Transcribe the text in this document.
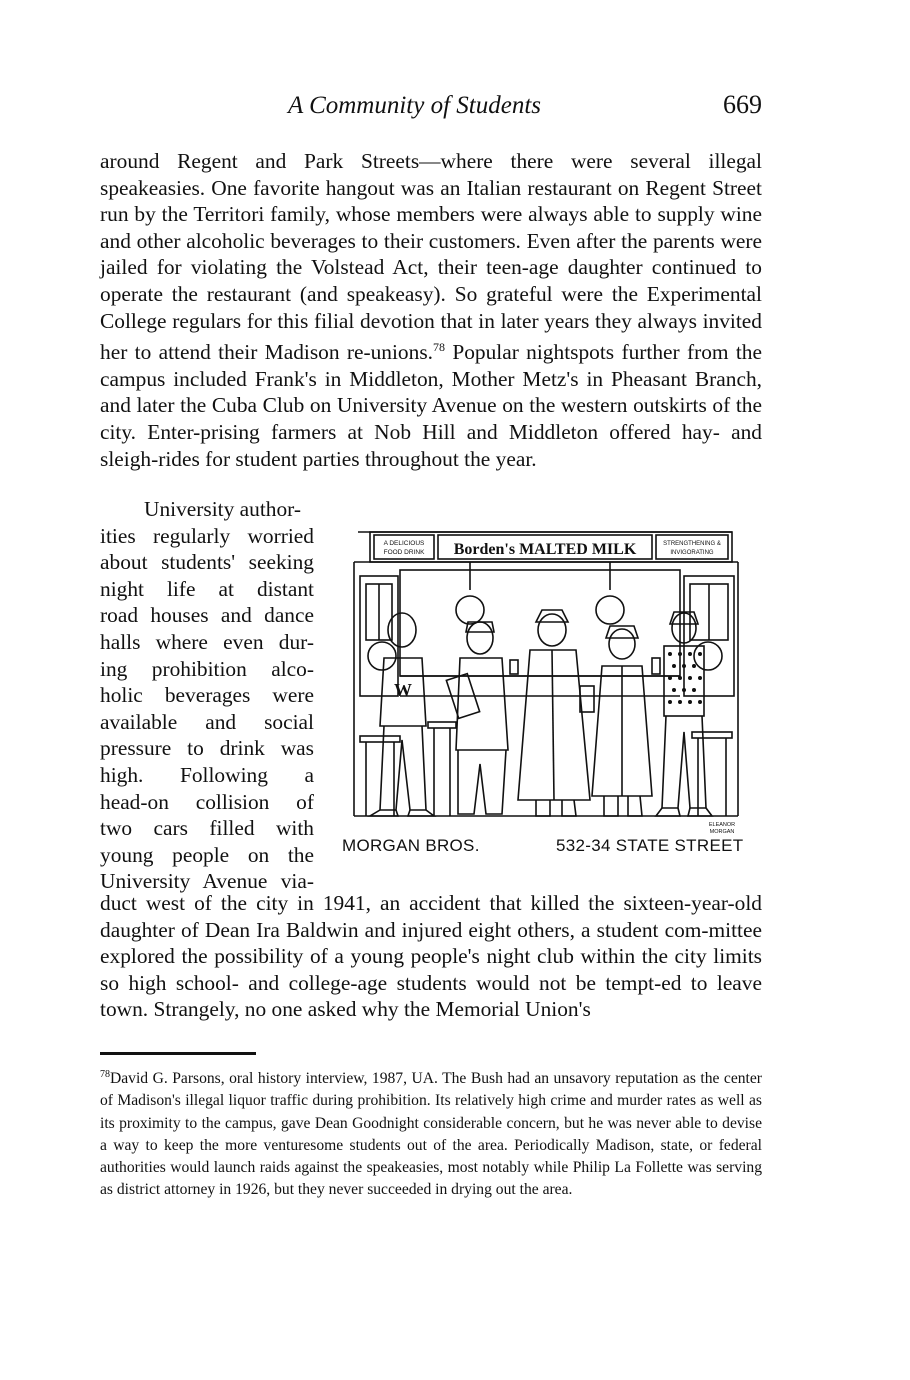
A Community of Students	669

around Regent and Park Streets—where there were several illegal speakeasies. One favorite hangout was an Italian restaurant on Regent Street run by the Territori family, whose members were always able to supply wine and other alcoholic beverages to their customers. Even after the parents were jailed for violating the Volstead Act, their teen-age daughter continued to operate the restaurant (and speakeasy). So grateful were the Experimental College regulars for this filial devotion that in later years they always invited her to attend their Madison re-unions.$^{78}$ Popular nightspots further from the campus included Frank's in Middleton, Mother Metz's in Pheasant Branch, and later the Cuba Club on University Avenue on the western outskirts of the city. Enter-prising farmers at Nob Hill and Middleton offered hay- and sleigh-rides for student parties throughout the year.

University author-
ities regularly worried
about students' seeking
night life at distant
road houses and dance
halls where even dur-
ing prohibition alco-
holic beverages were
available and social
pressure to drink was
high. Following a
head-on collision of
two cars filled with
young people on the
University Avenue via-
A DELICIOUS
FOOD DRINK Borden's MALTED MILK	STRENGTHENING &
INVIGORATING
W
ELEANOR
MORGAN
MORGAN BROS.	532-34 STATE STREET

duct west of the city in 1941, an accident that killed the sixteen-year-old daughter of Dean Ira Baldwin and injured eight others, a student com-mittee explored the possibility of a young people's night club within the city limits so high school- and college-age students would not be tempt-ed to leave town. Strangely, no one asked why the Memorial Union's

$^{78}$David G. Parsons, oral history interview, 1987, UA. The Bush had an unsavory reputation as the center of Madison's illegal liquor traffic during prohibition. Its relatively high crime and murder rates as well as its proximity to the campus, gave Dean Goodnight considerable concern, but he was never able to devise a way to keep the more venturesome students out of the area. Periodically Madison, state, or federal authorities would launch raids against the speakeasies, most notably while Philip La Follette was serving as district attorney in 1926, but they never succeeded in drying out the area.
